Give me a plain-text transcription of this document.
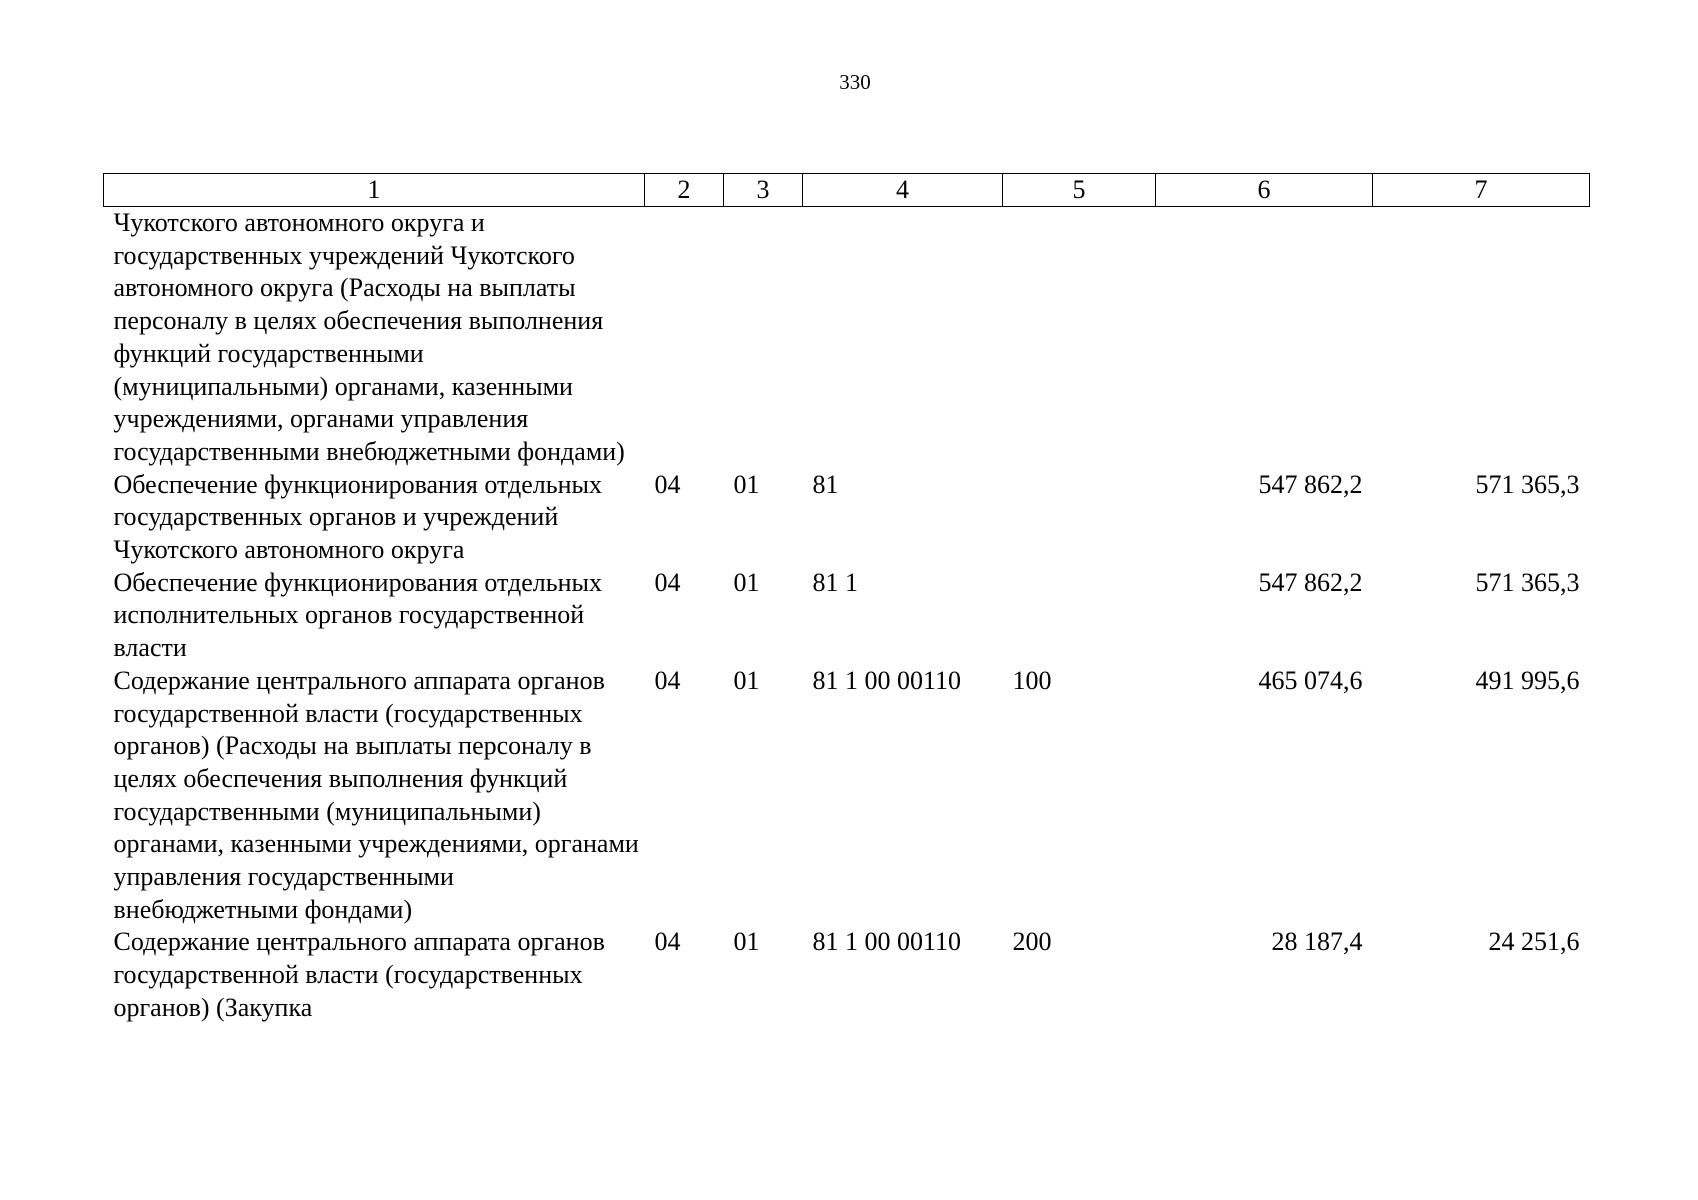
330
1	2	3	4	5	6	7
Чукотского автономного округа и государственных учреждений Чукотского автономного округа (Расходы на выплаты персоналу в целях обеспечения выполнения функций государственными (муниципальными) органами, казенными учреждениями, органами управления государственными внебюджетными фондами)						
Обеспечение функционирования отдельных государственных органов и учреждений Чукотского автономного округа	04	01	81		547 862,2	571 365,3
Обеспечение функционирования отдельных исполнительных органов государственной власти	04	01	81 1		547 862,2	571 365,3
Содержание центрального аппарата органов государственной власти (государственных органов) (Расходы на выплаты персоналу в целях обеспечения выполнения функций государственными (муниципальными) органами, казенными учреждениями, органами управления государственными внебюджетными фондами)	04	01	81 1 00 00110	100	465 074,6	491 995,6
Содержание центрального аппарата органов государственной власти (государственных органов) (Закупка	04	01	81 1 00 00110	200	28 187,4	24 251,6
